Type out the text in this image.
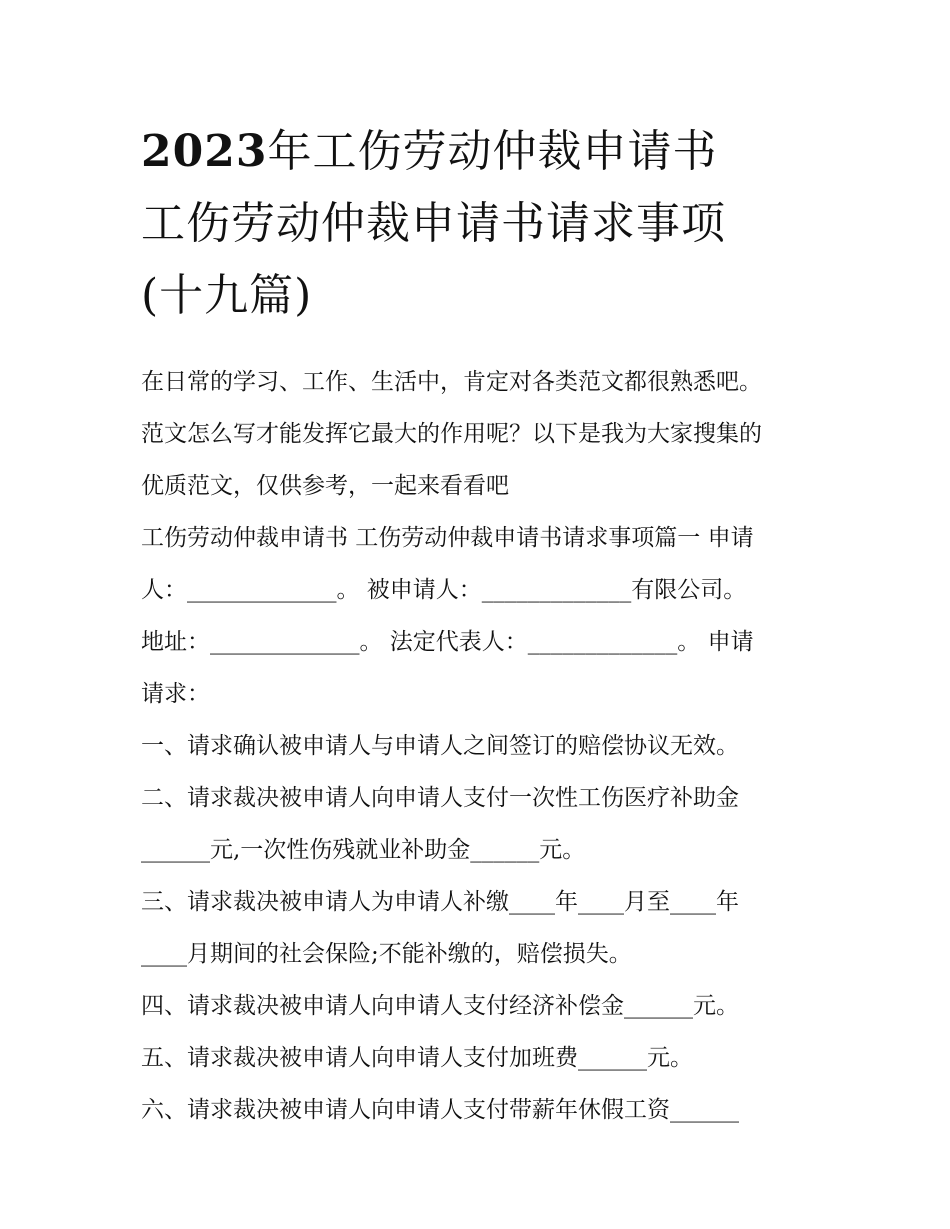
2023年工伤劳动仲裁申请书
工伤劳动仲裁申请书请求事项
(十九篇)

在日常的学习、工作、生活中，肯定对各类范文都很熟悉吧。

范文怎么写才能发挥它最大的作用呢？以下是我为大家搜集的

优质范文，仅供参考，一起来看看吧

工伤劳动仲裁申请书 工伤劳动仲裁申请书请求事项篇一 申请

人：_____________。 被申请人：_____________有限公司。

地址：_____________。 法定代表人：_____________。 申请

请求：

一、请求确认被申请人与申请人之间签订的赔偿协议无效。

二、请求裁决被申请人向申请人支付一次性工伤医疗补助金

______元,一次性伤残就业补助金______元。

三、请求裁决被申请人为申请人补缴____年____月至____年

____月期间的社会保险;不能补缴的，赔偿损失。

四、请求裁决被申请人向申请人支付经济补偿金______元。

五、请求裁决被申请人向申请人支付加班费______元。

六、请求裁决被申请人向申请人支付带薪年休假工资______
